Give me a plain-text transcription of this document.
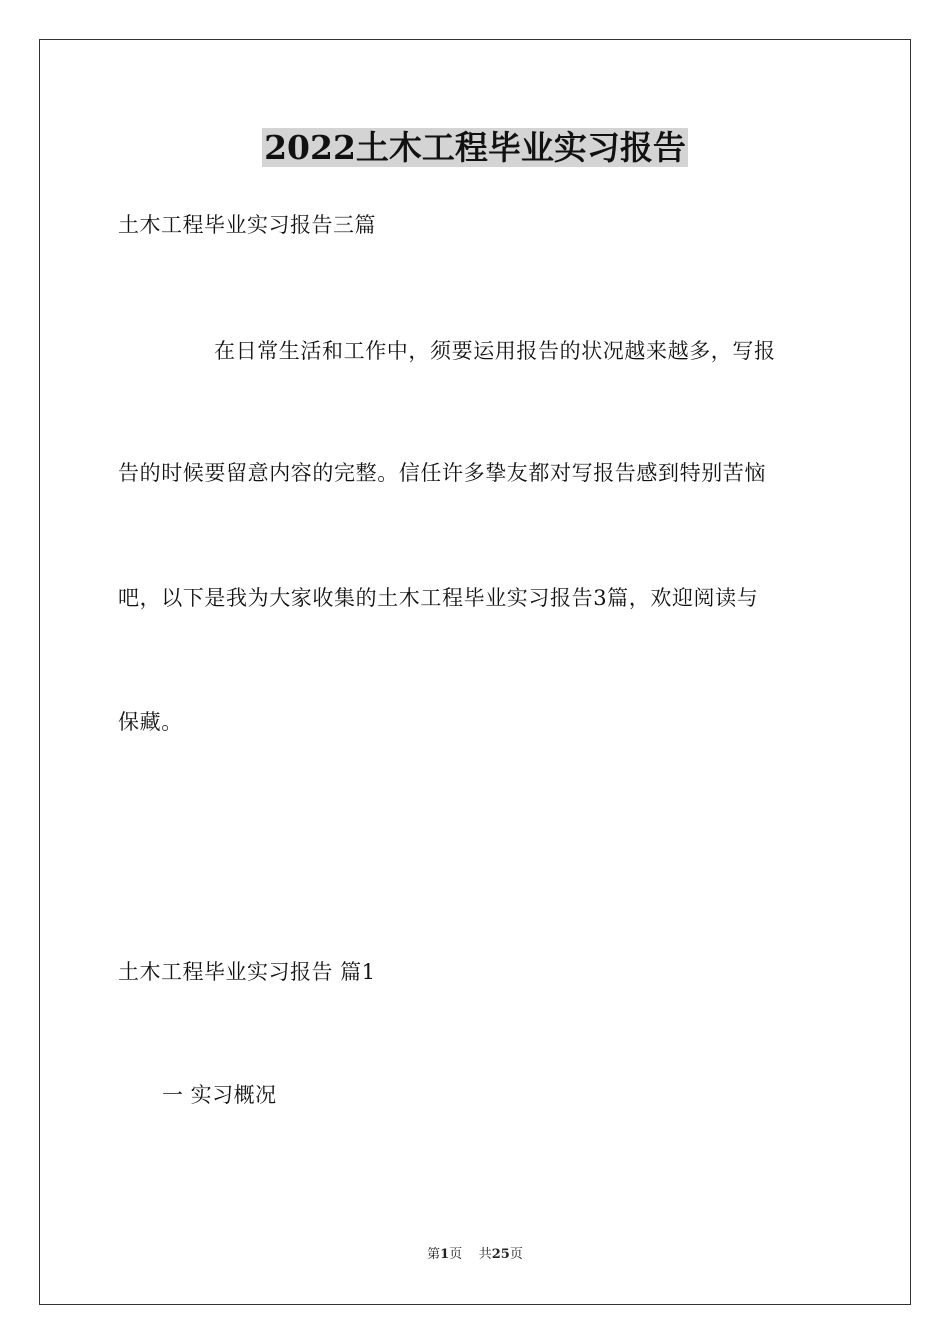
2022土木工程毕业实习报告
土木工程毕业实习报告三篇
在日常生活和工作中，须要运用报告的状况越来越多，写报
告的时候要留意内容的完整。信任许多挚友都对写报告感到特别苦恼
吧，以下是我为大家收集的土木工程毕业实习报告3篇，欢迎阅读与
保藏。
土木工程毕业实习报告 篇1
一 实习概况
第1页 共25页
